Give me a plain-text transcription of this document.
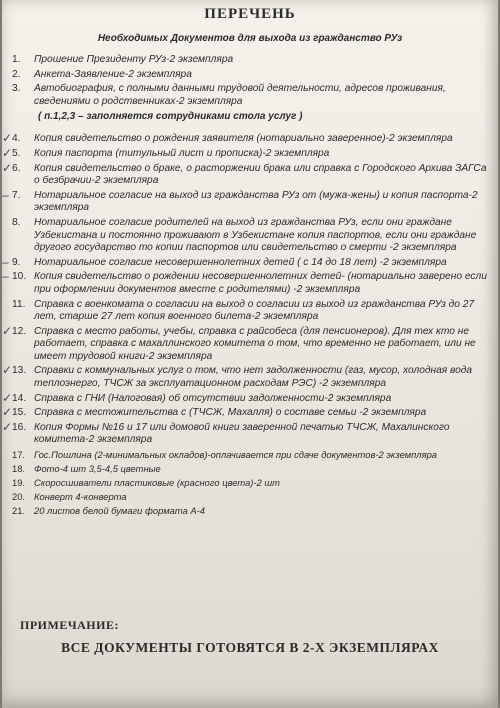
ПЕРЕЧЕНЬ
Необходимых Документов для выхода из гражданство РУз
1. Прошение Президенту РУз-2 экземпляра
2. Анкета-Заявление-2 экземпляра
3. Автобиография, с полными данными трудовой деятельности, адресов проживания, сведениями о родственниках-2 экземпляра
( п.1,2,3 – заполняется сотрудниками стола услуг )
✓ 4. Копия свидетельство о рождения заявителя (нотариально заверенное)-2 экземпляра
✓ 5. Копия паспорта (титульный лист и прописка)-2 экземпляра
✓ 6. Копия свидетельство о браке, о расторжении брака или справка с Городского Архива ЗАГСа о безбрачии-2 экземпляра
– 7. Нотариальное согласие на выход из гражданства РУз от (мужа-жены) и копия паспорта-2 экземпляра
8. Нотариальное согласие родителей на выход из гражданства РУз, если они граждане Узбекистана и постоянно проживают в Узбекистане копия паспортов, если они граждане другого государство то копии паспортов или свидетельство о смерти -2 экземпляра
– 9. Нотариальное согласие несовершеннолетних детей ( с 14 до 18 лет) -2 экземпляра
– 10. Копия свидетельство о рождении несовершеннолетних детей- (нотариально заверено если при оформлении документов вместе с родителями) -2 экземпляра
11. Справка с военкомата о согласии на выход о согласии из выход из гражданства РУз до 27 лет, старше 27 лет копия военного билета-2 экземпляра
✓ 12. Справка с место работы, учебы, справка с райсобеса (для пенсионеров). Для тех кто не работает, справка с махаллинского комитета о том, что временно не работает, или не имеет трудовой книги-2 экземпляра
✓ 13. Справки с коммунальных услуг о том, что нет задолженности (газ, мусор, холодная вода теплоэнерго, ТЧСЖ за эксплуатационном расходам РЭС) -2 экземпляра
✓ 14. Справка с ГНИ (Налоговая) об отсутствии задолженности-2 экземпляра
✓ 15. Справка с местожительства с (ТЧСЖ, Махалля) о составе семьи -2 экземпляра
✓ 16. Копия Формы №16 и 17 или домовой книги заверенной печатью ТЧСЖ, Махалинского комитета-2 экземпляра
17. Гос.Пошлина (2-минимальных окладов)-оплачивается при сдаче документов-2 экземпляра
18. Фото-4 шт 3,5-4,5 цветные
19. Скоросшиватели пластиковые (красного цвета)-2 шт
20. Конверт 4-конверта
21. 20 листов белой бумаги формата А-4
ПРИМЕЧАНИЕ:
ВСЕ ДОКУМЕНТЫ ГОТОВЯТСЯ В 2-Х ЭКЗЕМПЛЯРАХ
